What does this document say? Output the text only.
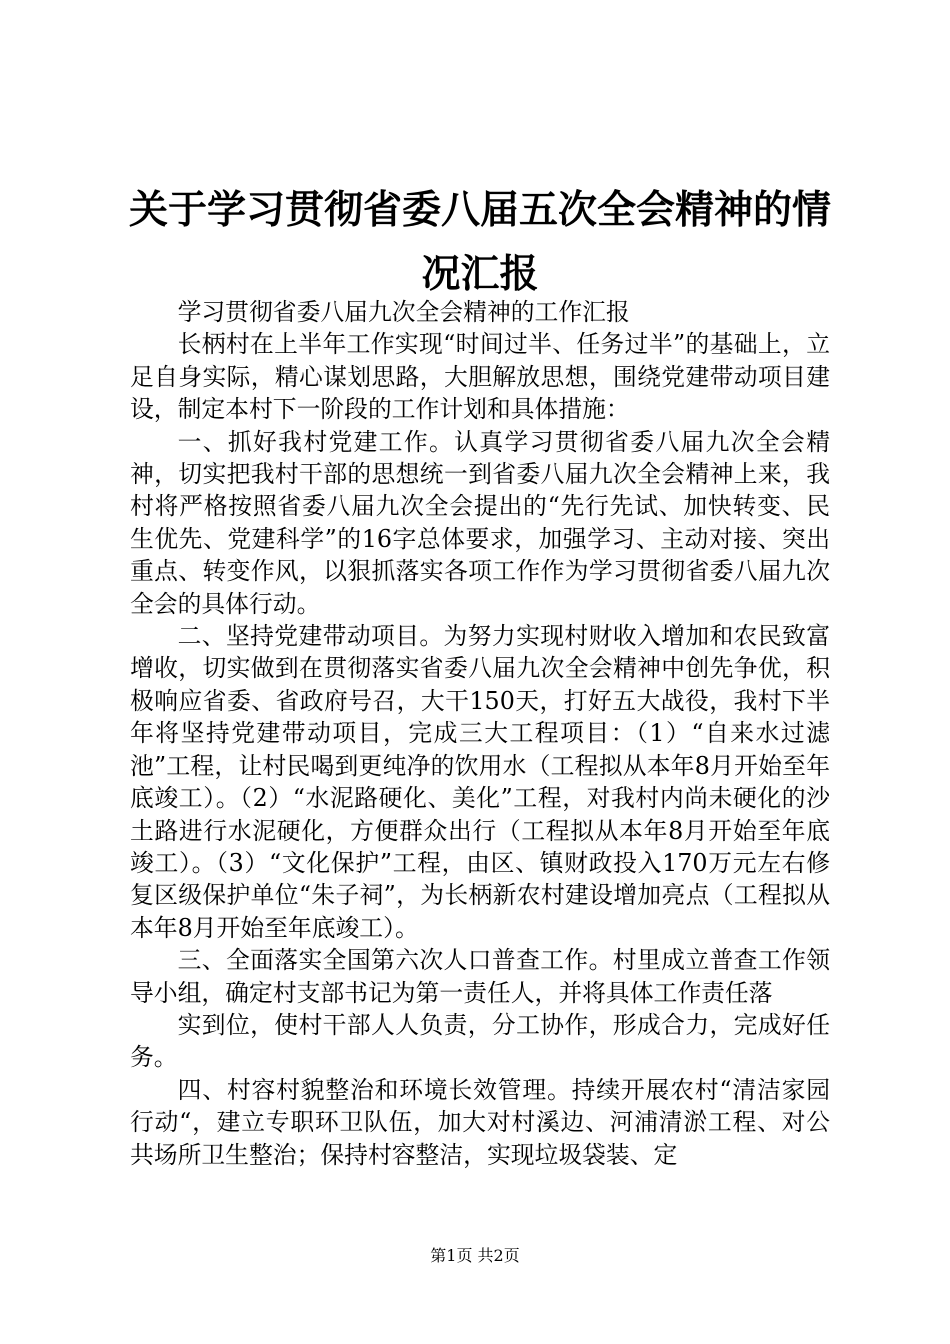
关于学习贯彻省委八届五次全会精神的情况汇报

学习贯彻省委八届九次全会精神的工作汇报

长柄村在上半年工作实现“时间过半、任务过半”的基础上，立足自身实际，精心谋划思路，大胆解放思想，围绕党建带动项目建设，制定本村下一阶段的工作计划和具体措施：

一、抓好我村党建工作。认真学习贯彻省委八届九次全会精神，切实把我村干部的思想统一到省委八届九次全会精神上来，我村将严格按照省委八届九次全会提出的“先行先试、加快转变、民生优先、党建科学”的16字总体要求，加强学习、主动对接、突出重点、转变作风，以狠抓落实各项工作作为学习贯彻省委八届九次全会的具体行动。

二、坚持党建带动项目。为努力实现村财收入增加和农民致富增收，切实做到在贯彻落实省委八届九次全会精神中创先争优，积极响应省委、省政府号召，大干150天，打好五大战役，我村下半年将坚持党建带动项目，完成三大工程项目：（1）“自来水过滤池”工程，让村民喝到更纯净的饮用水（工程拟从本年8月开始至年底竣工）。（2）“水泥路硬化、美化”工程，对我村内尚未硬化的沙土路进行水泥硬化，方便群众出行（工程拟从本年8月开始至年底竣工）。（3）“文化保护”工程，由区、镇财政投入170万元左右修复区级保护单位“朱子祠”，为长柄新农村建设增加亮点（工程拟从本年8月开始至年底竣工）。

三、全面落实全国第六次人口普查工作。村里成立普查工作领导小组，确定村支部书记为第一责任人，并将具体工作责任落

实到位，使村干部人人负责，分工协作，形成合力，完成好任务。

四、村容村貌整治和环境长效管理。持续开展农村“清洁家园行动“，建立专职环卫队伍，加大对村溪边、河浦清淤工程、对公共场所卫生整治；保持村容整洁，实现垃圾袋装、定

第1页 共2页
